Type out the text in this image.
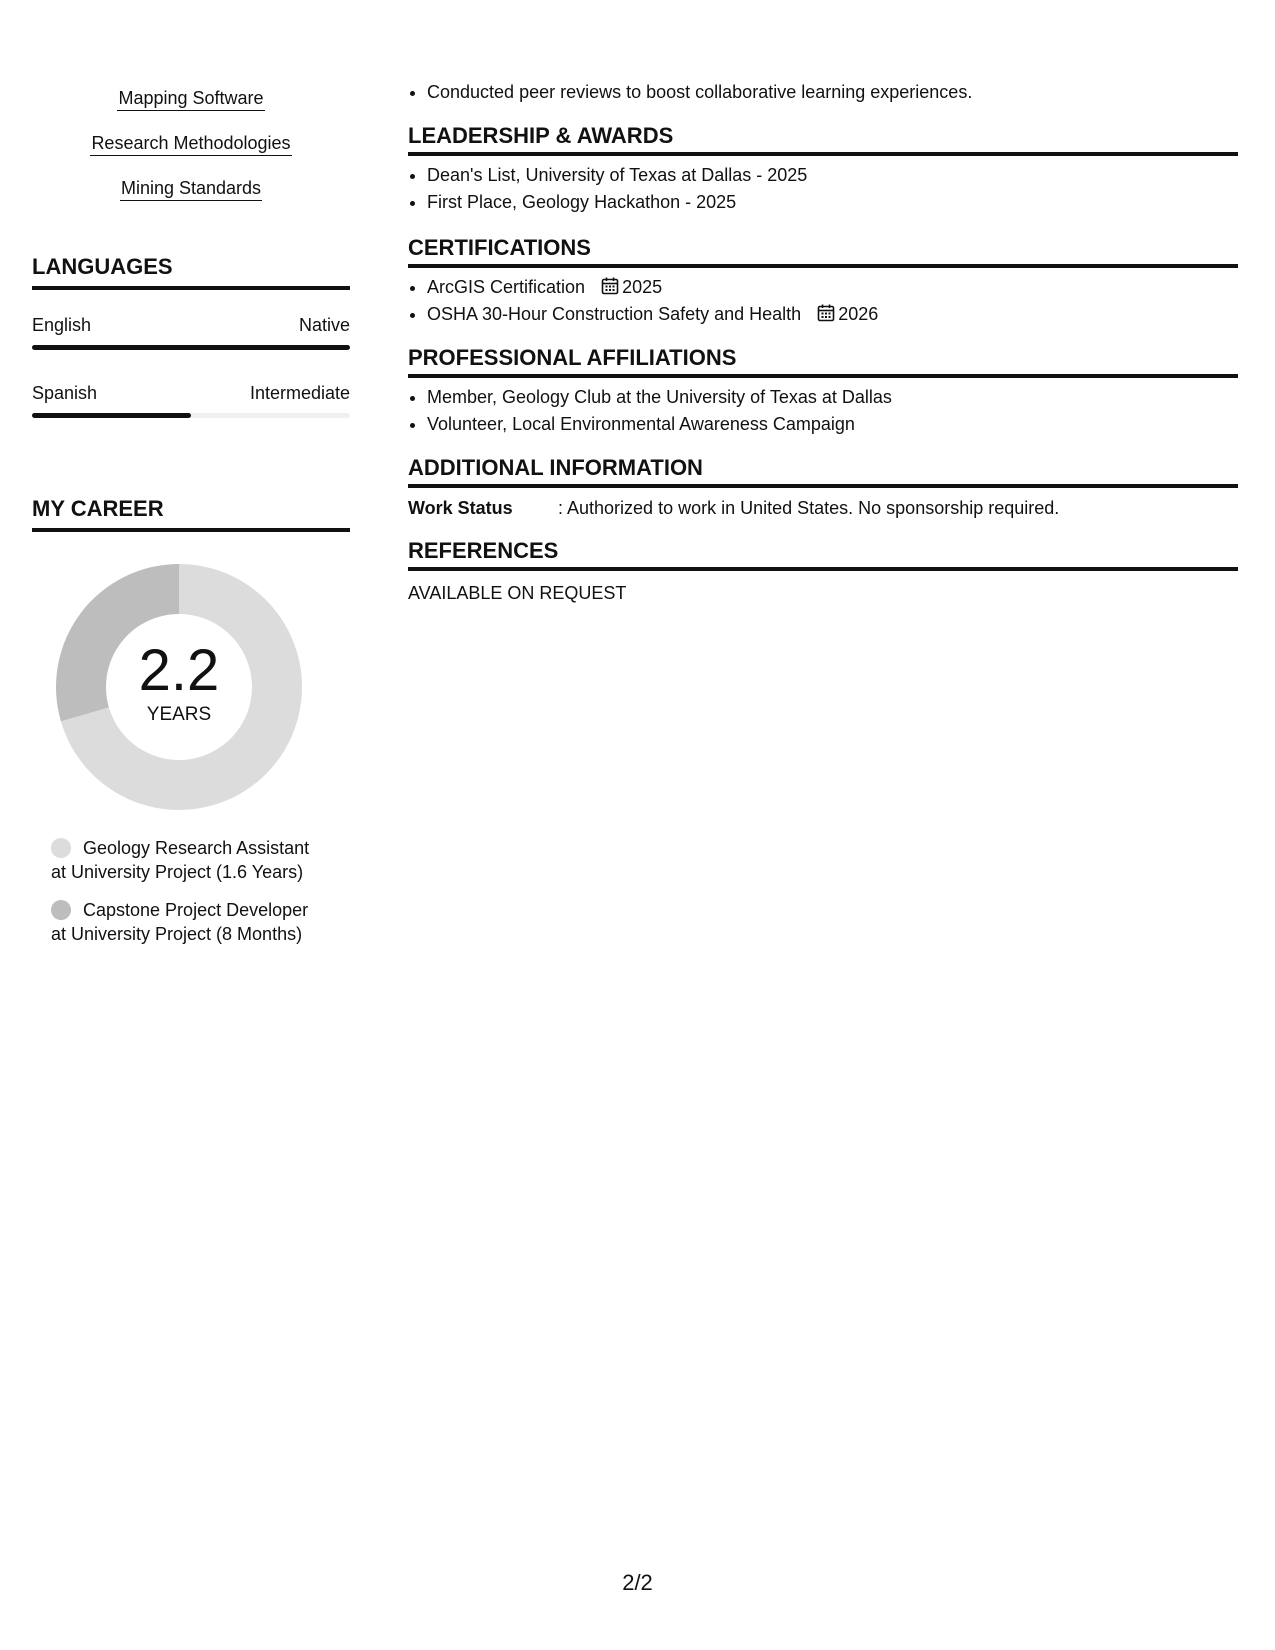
Mapping Software
Research Methodologies
Mining Standards
LANGUAGES
English	Native
Spanish	Intermediate
MY CAREER
2.2
YEARS
Geology Research Assistant
at University Project (1.6 Years)
Capstone Project Developer
at University Project (8 Months)
• Conducted peer reviews to boost collaborative learning experiences.
LEADERSHIP & AWARDS
• Dean's List, University of Texas at Dallas - 2025
• First Place, Geology Hackathon - 2025
CERTIFICATIONS
• ArcGIS Certification 2025
• OSHA 30-Hour Construction Safety and Health 2026
PROFESSIONAL AFFILIATIONS
• Member, Geology Club at the University of Texas at Dallas
• Volunteer, Local Environmental Awareness Campaign
ADDITIONAL INFORMATION
Work Status	: Authorized to work in United States. No sponsorship required.
REFERENCES
AVAILABLE ON REQUEST
2/2
